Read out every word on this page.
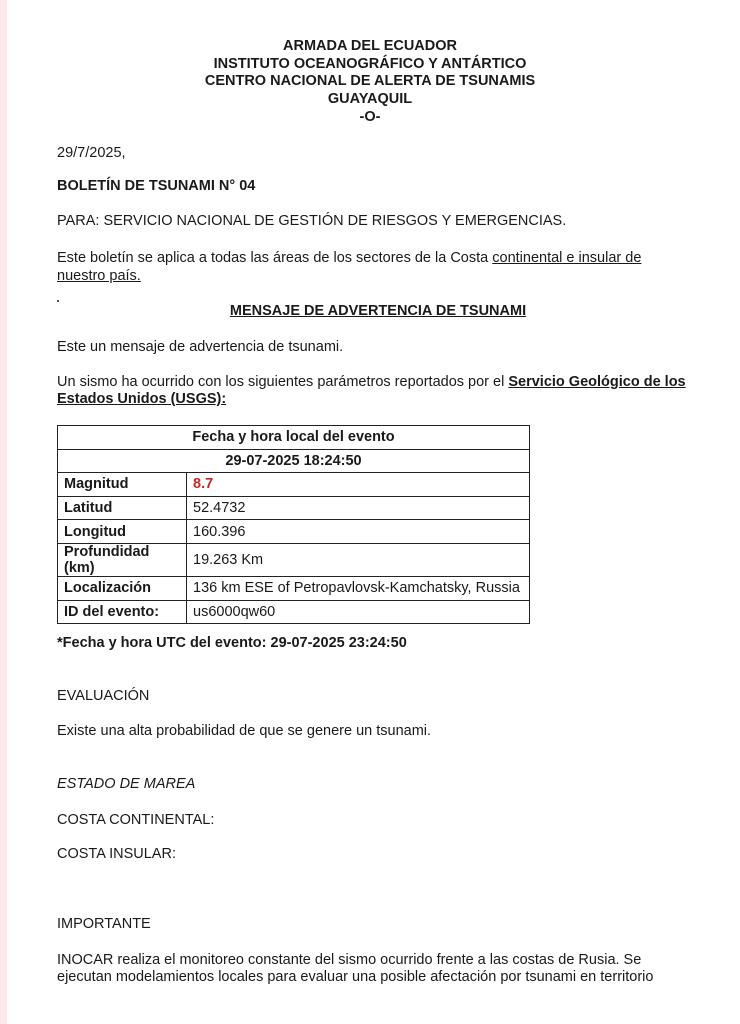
ARMADA DEL ECUADOR
INSTITUTO OCEANOGRÁFICO Y ANTÁRTICO
CENTRO NACIONAL DE ALERTA DE TSUNAMIS
GUAYAQUIL
-O-
29/7/2025,
BOLETÍN DE TSUNAMI N° 04
PARA: SERVICIO NACIONAL DE GESTIÓN DE RIESGOS Y EMERGENCIAS.
Este boletín se aplica a todas las áreas de los sectores de la Costa continental e insular de
nuestro país.
MENSAJE DE ADVERTENCIA DE TSUNAMI
Este un mensaje de advertencia de tsunami.
Un sismo ha ocurrido con los siguientes parámetros reportados por el Servicio Geológico de los
Estados Unidos (USGS):
Fecha y hora local del evento	
29-07-2025 18:24:50	
Magnitud	8.7
Latitud	52.4732
Longitud	160.396
Profundidad (km)	19.263 Km
Localización	136 km ESE of Petropavlovsk-Kamchatsky, Russia
ID del evento:	us6000qw60
*Fecha y hora UTC del evento: 29-07-2025 23:24:50
EVALUACIÓN
Existe una alta probabilidad de que se genere un tsunami.
ESTADO DE MAREA
COSTA CONTINENTAL:
COSTA INSULAR:
IMPORTANTE
INOCAR realiza el monitoreo constante del sismo ocurrido frente a las costas de Rusia. Se
ejecutan modelamientos locales para evaluar una posible afectación por tsunami en territorio
